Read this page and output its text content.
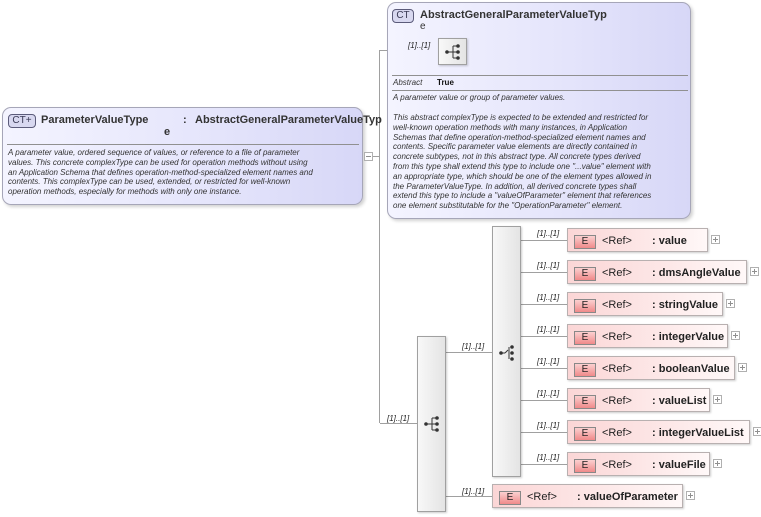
CT+ ParameterValueType	: AbstractGeneralParameterValueTyp
e
A parameter value, ordered sequence of values, or reference to a file of parameter
values. This concrete complexType can be used for operation methods without using
an Application Schema that defines operation-method-specialized element names and
contents. This complexType can be used, extended, or restricted for well-known
operation methods, especially for methods with only one instance.
CT AbstractGeneralParameterValueTyp
e
[1]..[1]
Abstract True
A parameter value or group of parameter values.
This abstract complexType is expected to be extended and restricted for
well-known operation methods with many instances, in Application
Schemas that define operation-method-specialized element names and
contents. Specific parameter value elements are directly contained in
concrete subtypes, not in this abstract type. All concrete types derived
from this type shall extend this type to include one "...value" element with
an appropriate type, which should be one of the element types allowed in
the ParameterValueType. In addition, all derived concrete types shall
extend this type to include a "valueOfParameter" element that references
one element substitutable for the "OperationParameter" element.
[1]..[1]
[1]..[1]
[1]..[1]
E	<Ref> : value
[1]..[1]
E	<Ref> : dmsAngleValue
[1]..[1]
E	<Ref> : stringValue
[1]..[1]
E	<Ref> : integerValue
[1]..[1]
E	<Ref> : booleanValue
[1]..[1]
E	<Ref> : valueList
[1]..[1]
E	<Ref> : integerValueList
[1]..[1]
E	<Ref> : valueFile
[1]..[1]
E	<Ref> : valueOfParameter
